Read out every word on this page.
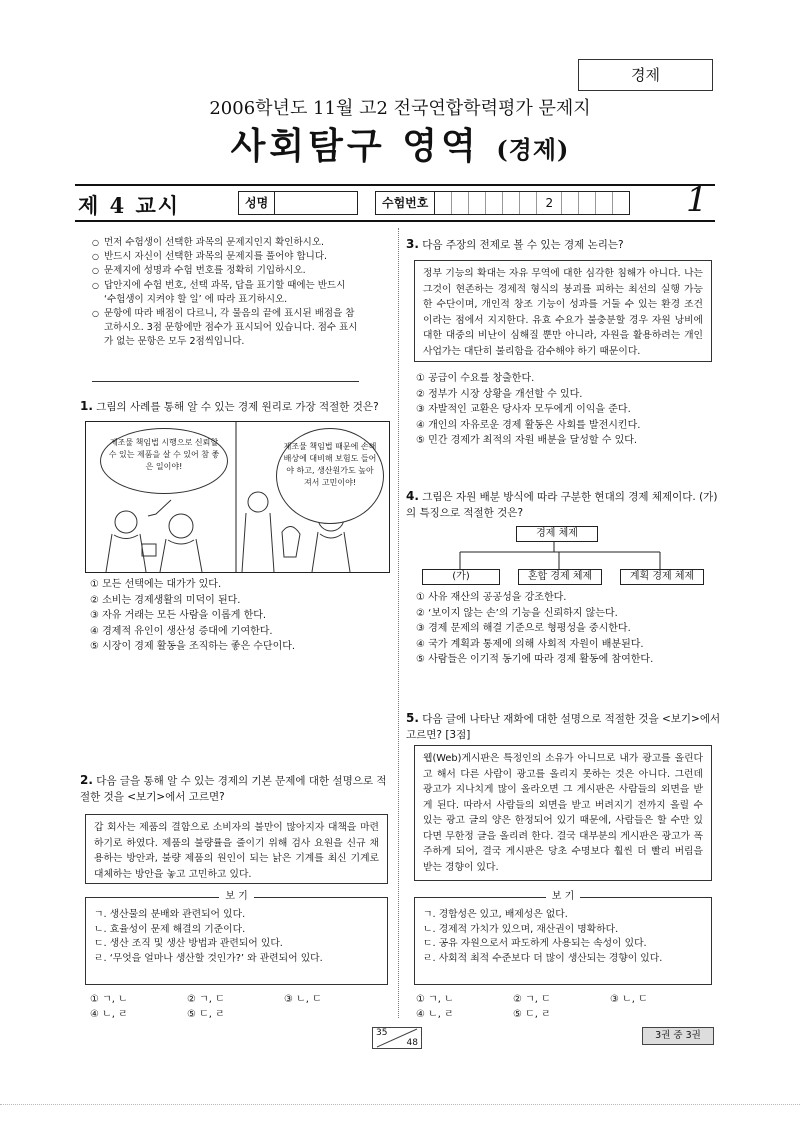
경제
2006학년도 11월 고2 전국연합학력평가 문제지
사회탐구 영역 (경제)
제 4 교시	성명	수험번호	2	1
○ 먼저 수험생이 선택한 과목의 문제지인지 확인하시오.
○ 반드시 자신이 선택한 과목의 문제지를 풀어야 합니다.
○ 문제지에 성명과 수험 번호를 정확히 기입하시오.
○ 답안지에 수험 번호, 선택 과목, 답을 표기할 때에는 반드시 ‘수험생이 지켜야 할 일’ 에 따라 표기하시오.
○ 문항에 따라 배점이 다르니, 각 물음의 끝에 표시된 배점을 참고하시오. 3점 문항에만 점수가 표시되어 있습니다. 점수 표시가 없는 문항은 모두 2점씩입니다.
1. 그림의 사례를 통해 알 수 있는 경제 원리로 가장 적절한 것은?
제조물 책임법 시행으로 신뢰할 수 있는 제품을 살 수 있어 참 좋은 일이야!
제조물 책임법 때문에 손해 배상에 대비해 보험도 들어야 하고, 생산원가도 높아져서 고민이야!
① 모든 선택에는 대가가 있다.
② 소비는 경제생활의 미덕이 된다.
③ 자유 거래는 모든 사람을 이롭게 한다.
④ 경제적 유인이 생산성 증대에 기여한다.
⑤ 시장이 경제 활동을 조직하는 좋은 수단이다.
2. 다음 글을 통해 알 수 있는 경제의 기본 문제에 대한 설명으로 적절한 것을 <보기>에서 고르면?
갑 회사는 제품의 결함으로 소비자의 불만이 많아지자 대책을 마련하기로 하였다. 제품의 불량률을 줄이기 위해 검사 요원을 신규 채용하는 방안과, 불량 제품의 원인이 되는 낡은 기계를 최신 기계로 대체하는 방안을 놓고 고민하고 있다.
보 기
ㄱ. 생산물의 분배와 관련되어 있다.
ㄴ. 효율성이 문제 해결의 기준이다.
ㄷ. 생산 조직 및 생산 방법과 관련되어 있다.
ㄹ. ‘무엇을 얼마나 생산할 것인가?’ 와 관련되어 있다.
① ㄱ, ㄴ	② ㄱ, ㄷ	③ ㄴ, ㄷ
④ ㄴ, ㄹ	⑤ ㄷ, ㄹ
3. 다음 주장의 전제로 볼 수 있는 경제 논리는?
정부 기능의 확대는 자유 무역에 대한 심각한 침해가 아니다. 나는 그것이 현존하는 경제적 형식의 붕괴를 피하는 최선의 실행 가능한 수단이며, 개인적 창조 기능이 성과를 거둘 수 있는 환경 조건이라는 점에서 지지한다. 유효 수요가 불충분할 경우 자원 낭비에 대한 대중의 비난이 심해질 뿐만 아니라, 자원을 활용하려는 개인 사업가는 대단히 불리함을 감수해야 하기 때문이다.
① 공급이 수요를 창출한다.
② 정부가 시장 상황을 개선할 수 있다.
③ 자발적인 교환은 당사자 모두에게 이익을 준다.
④ 개인의 자유로운 경제 활동은 사회를 발전시킨다.
⑤ 민간 경제가 최적의 자원 배분을 달성할 수 있다.
4. 그림은 자원 배분 방식에 따라 구분한 현대의 경제 체제이다. (가)의 특징으로 적절한 것은?
경제 체제
(가)	혼합 경제 체제	계획 경제 체제
① 사유 재산의 공공성을 강조한다.
② ‘보이지 않는 손’의 기능을 신뢰하지 않는다.
③ 경제 문제의 해결 기준으로 형평성을 중시한다.
④ 국가 계획과 통제에 의해 사회적 자원이 배분된다.
⑤ 사람들은 이기적 동기에 따라 경제 활동에 참여한다.
5. 다음 글에 나타난 재화에 대한 설명으로 적절한 것을 <보기>에서 고르면? [3점]
웹(Web)게시판은 특정인의 소유가 아니므로 내가 광고를 올린다고 해서 다른 사람이 광고를 올리지 못하는 것은 아니다. 그런데 광고가 지나치게 많이 올라오면 그 게시판은 사람들의 외면을 받게 된다. 따라서 사람들의 외면을 받고 버려지기 전까지 올릴 수 있는 광고 글의 양은 한정되어 있기 때문에, 사람들은 할 수만 있다면 무한정 글을 올리려 한다. 결국 대부분의 게시판은 광고가 폭주하게 되어, 결국 게시판은 당초 수명보다 훨씬 더 빨리 버림을 받는 경향이 있다.
보 기
ㄱ. 경합성은 있고, 배제성은 없다.
ㄴ. 경제적 가치가 있으며, 재산권이 명확하다.
ㄷ. 공유 자원으로서 파도하게 사용되는 속성이 있다.
ㄹ. 사회적 최적 수준보다 더 많이 생산되는 경향이 있다.
① ㄱ, ㄴ	② ㄱ, ㄷ	③ ㄴ, ㄷ
④ ㄴ, ㄹ	⑤ ㄷ, ㄹ
35
48
3권 중 3권
